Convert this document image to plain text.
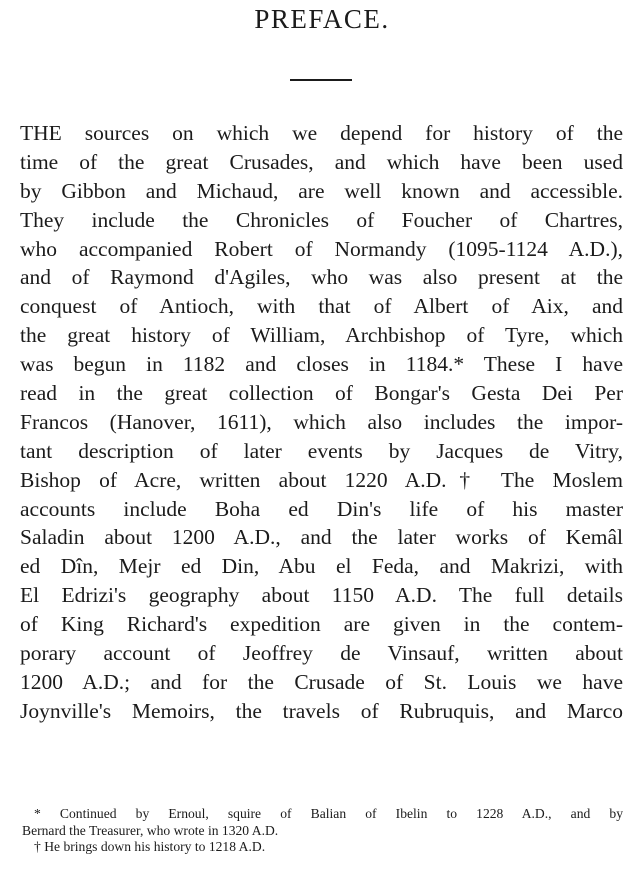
PREFACE.
THE sources on which we depend for history of the
time of the great Crusades, and which have been used
by Gibbon and Michaud, are well known and accessible.
They include the Chronicles of Foucher of Chartres,
who accompanied Robert of Normandy (1095-1124 A.D.),
and of Raymond d'Agiles, who was also present at the
conquest of Antioch, with that of Albert of Aix, and
the great history of William, Archbishop of Tyre, which
was begun in 1182 and closes in 1184.* These I have
read in the great collection of Bongar's Gesta Dei Per
Francos (Hanover, 1611), which also includes the impor-
tant description of later events by Jacques de Vitry,
Bishop of Acre, written about 1220 A.D.† The Moslem
accounts include Boha ed Din's life of his master
Saladin about 1200 A.D., and the later works of Kemâl
ed Dîn, Mejr ed Din, Abu el Feda, and Makrizi, with
El Edrizi's geography about 1150 A.D. The full details
of King Richard's expedition are given in the contem-
porary account of Jeoffrey de Vinsauf, written about
1200 A.D.; and for the Crusade of St. Louis we have
Joynville's Memoirs, the travels of Rubruquis, and Marco
* Continued by Ernoul, squire of Balian of Ibelin to 1228 A.D., and by
Bernard the Treasurer, who wrote in 1320 A.D.
† He brings down his history to 1218 A.D.
